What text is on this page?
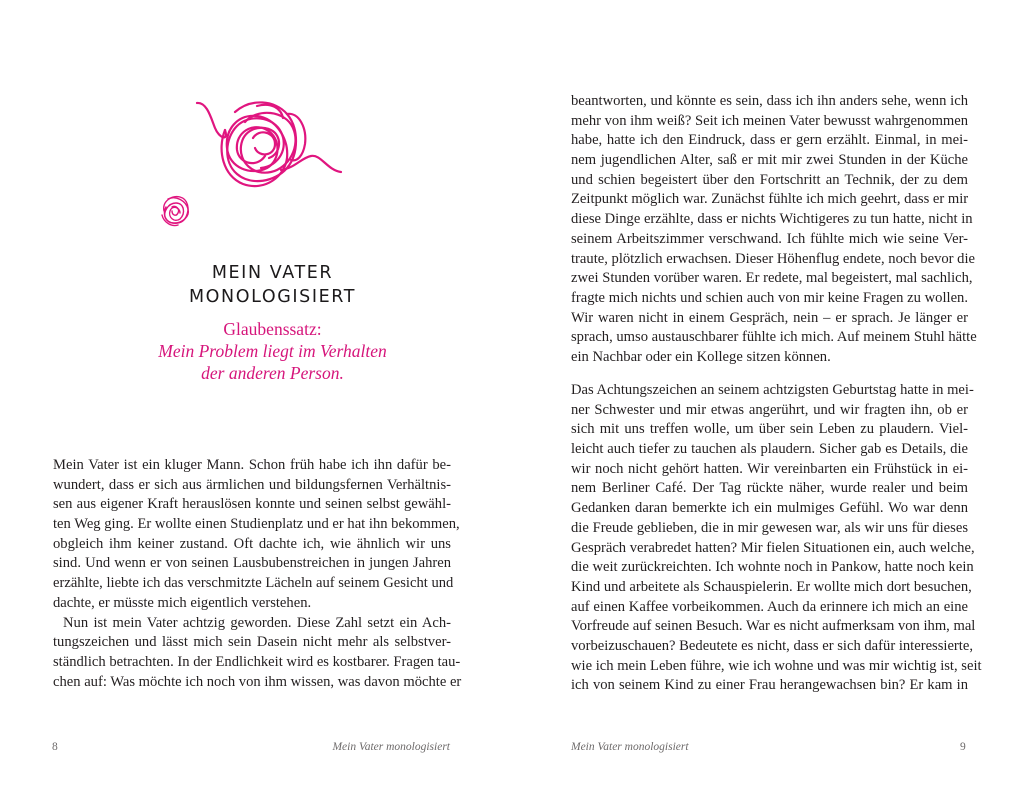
MEIN VATER
MONOLOGISIERT
Glaubenssatz:
Mein Problem liegt im Verhalten
der anderen Person.
Mein Vater ist ein kluger Mann. Schon früh habe ich ihn dafür be-
wundert, dass er sich aus ärmlichen und bildungsfernen Verhältnis-
sen aus eigener Kraft herauslösen konnte und seinen selbst gewähl-
ten Weg ging. Er wollte einen Studienplatz und er hat ihn bekommen,
obgleich ihm keiner zustand. Oft dachte ich, wie ähnlich wir uns
sind. Und wenn er von seinen Lausbubenstreichen in jungen Jahren
erzählte, liebte ich das verschmitzte Lächeln auf seinem Gesicht und
dachte, er müsste mich eigentlich verstehen.
Nun ist mein Vater achtzig geworden. Diese Zahl setzt ein Ach-
tungszeichen und lässt mich sein Dasein nicht mehr als selbstver-
ständlich betrachten. In der Endlichkeit wird es kostbarer. Fragen tau-
chen auf: Was möchte ich noch von ihm wissen, was davon möchte er
beantworten, und könnte es sein, dass ich ihn anders sehe, wenn ich
mehr von ihm weiß? Seit ich meinen Vater bewusst wahrgenommen
habe, hatte ich den Eindruck, dass er gern erzählt. Einmal, in mei-
nem jugendlichen Alter, saß er mit mir zwei Stunden in der Küche
und schien begeistert über den Fortschritt an Technik, der zu dem
Zeitpunkt möglich war. Zunächst fühlte ich mich geehrt, dass er mir
diese Dinge erzählte, dass er nichts Wichtigeres zu tun hatte, nicht in
seinem Arbeitszimmer verschwand. Ich fühlte mich wie seine Ver-
traute, plötzlich erwachsen. Dieser Höhenflug endete, noch bevor die
zwei Stunden vorüber waren. Er redete, mal begeistert, mal sachlich,
fragte mich nichts und schien auch von mir keine Fragen zu wollen.
Wir waren nicht in einem Gespräch, nein – er sprach. Je länger er
sprach, umso austauschbarer fühlte ich mich. Auf meinem Stuhl hätte
ein Nachbar oder ein Kollege sitzen können.
Das Achtungszeichen an seinem achtzigsten Geburtstag hatte in mei-
ner Schwester und mir etwas angerührt, und wir fragten ihn, ob er
sich mit uns treffen wolle, um über sein Leben zu plaudern. Viel-
leicht auch tiefer zu tauchen als plaudern. Sicher gab es Details, die
wir noch nicht gehört hatten. Wir vereinbarten ein Frühstück in ei-
nem Berliner Café. Der Tag rückte näher, wurde realer und beim
Gedanken daran bemerkte ich ein mulmiges Gefühl. Wo war denn
die Freude geblieben, die in mir gewesen war, als wir uns für dieses
Gespräch verabredet hatten? Mir fielen Situationen ein, auch welche,
die weit zurückreichten. Ich wohnte noch in Pankow, hatte noch kein
Kind und arbeitete als Schauspielerin. Er wollte mich dort besuchen,
auf einen Kaffee vorbeikommen. Auch da erinnere ich mich an eine
Vorfreude auf seinen Besuch. War es nicht aufmerksam von ihm, mal
vorbeizuschauen? Bedeutete es nicht, dass er sich dafür interessierte,
wie ich mein Leben führe, wie ich wohne und was mir wichtig ist, seit
ich von seinem Kind zu einer Frau herangewachsen bin? Er kam in
8	Mein Vater monologisiert	Mein Vater monologisiert	9
